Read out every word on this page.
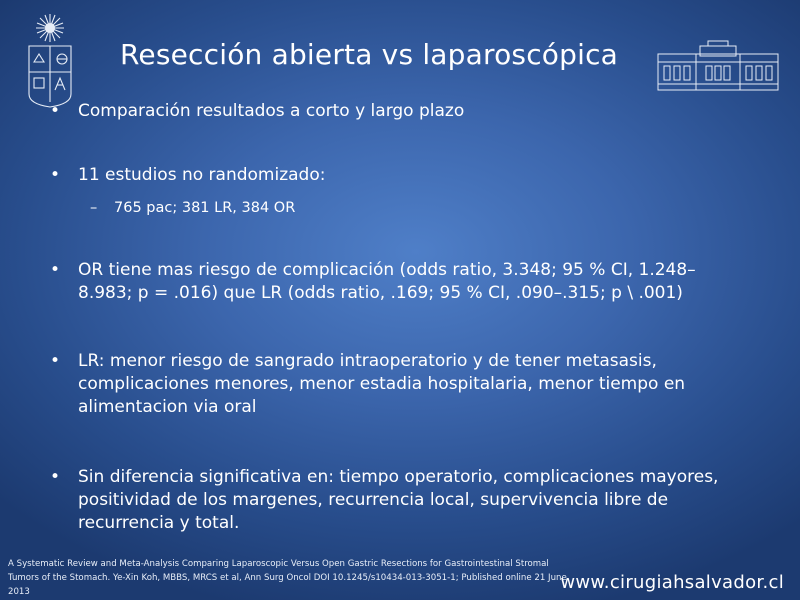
Resección abierta vs laparoscópica
•	Comparación resultados a corto y largo plazo
•	11 estudios no randomizado:
–	765 pac; 381 LR, 384 OR
•	OR tiene mas riesgo de complicación (odds ratio, 3.348; 95 % CI, 1.248–8.983; p = .016) que LR (odds ratio, .169; 95 % CI, .090–.315; p \ .001)
•	LR: menor riesgo de sangrado intraoperatorio y de tener metasasis, complicaciones menores, menor estadia hospitalaria, menor tiempo en alimentacion via oral
•	Sin diferencia significativa en: tiempo operatorio, complicaciones mayores, positividad de los margenes, recurrencia local, supervivencia libre de recurrencia y total.
A Systematic Review and Meta-Analysis Comparing Laparoscopic Versus Open Gastric Resections for Gastrointestinal Stromal Tumors of the Stomach. Ye-Xin Koh, MBBS, MRCS et al, Ann Surg Oncol DOI 10.1245/s10434-013-3051-1; Published online 21 June 2013	www.cirugiahsalvador.cl
